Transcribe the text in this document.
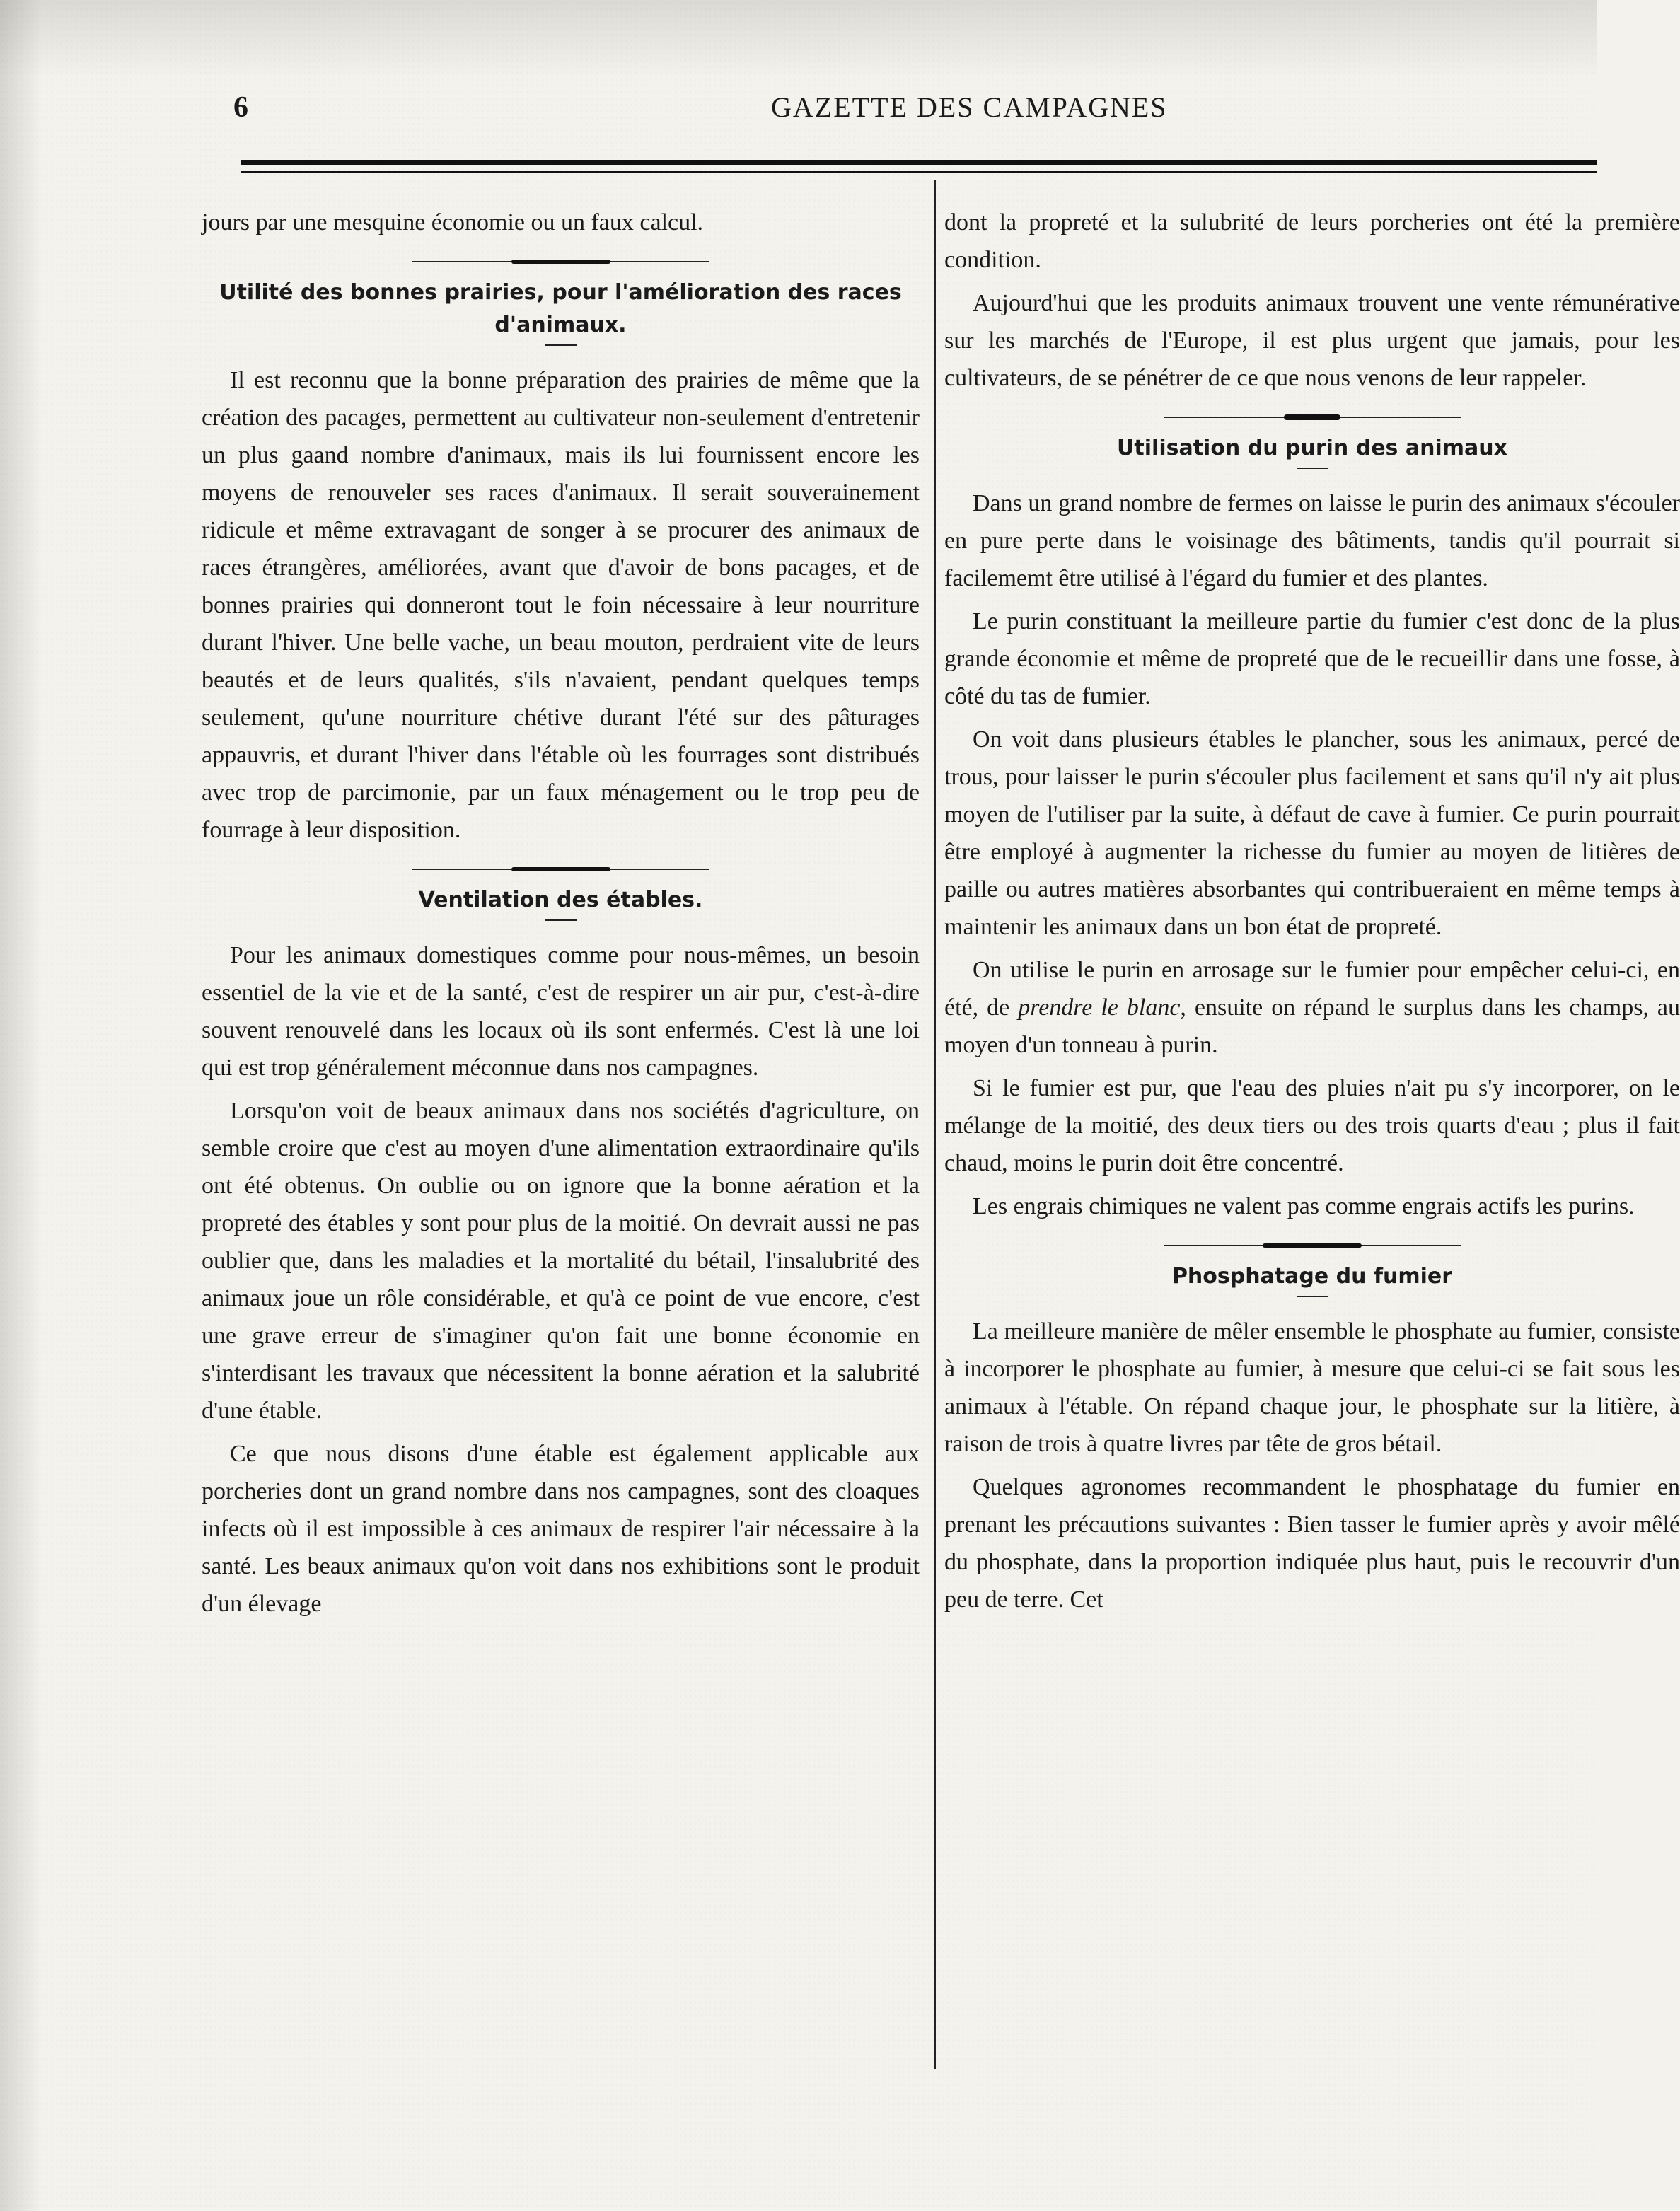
6	GAZETTE DES CAMPAGNES

jours par une mesquine économie ou un faux calcul.

Utilité des bonnes prairies, pour l'amélioration des races d'animaux.

Il est reconnu que la bonne préparation des prairies de même que la création des pacages, permettent au cultivateur non-seulement d'entretenir un plus gaand nombre d'animaux, mais ils lui fournissent encore les moyens de renouveler ses races d'animaux. Il serait souverainement ridicule et même extravagant de songer à se procurer des animaux de races étrangères, améliorées, avant que d'avoir de bons pacages, et de bonnes prairies qui donneront tout le foin nécessaire à leur nourriture durant l'hiver. Une belle vache, un beau mouton, perdraient vite de leurs beautés et de leurs qualités, s'ils n'avaient, pendant quelques temps seulement, qu'une nourriture chétive durant l'été sur des pâturages appauvris, et durant l'hiver dans l'étable où les fourrages sont distribués avec trop de parcimonie, par un faux ménagement ou le trop peu de fourrage à leur disposition.

Ventilation des étables.

Pour les animaux domestiques comme pour nous-mêmes, un besoin essentiel de la vie et de la santé, c'est de respirer un air pur, c'est-à-dire souvent renouvelé dans les locaux où ils sont enfermés. C'est là une loi qui est trop généralement méconnue dans nos campagnes.

Lorsqu'on voit de beaux animaux dans nos sociétés d'agriculture, on semble croire que c'est au moyen d'une alimentation extraordinaire qu'ils ont été obtenus. On oublie ou on ignore que la bonne aération et la propreté des étables y sont pour plus de la moitié. On devrait aussi ne pas oublier que, dans les maladies et la mortalité du bétail, l'insalubrité des animaux joue un rôle considérable, et qu'à ce point de vue encore, c'est une grave erreur de s'imaginer qu'on fait une bonne économie en s'interdisant les travaux que nécessitent la bonne aération et la salubrité d'une étable.

Ce que nous disons d'une étable est également applicable aux porcheries dont un grand nombre dans nos campagnes, sont des cloaques infects où il est impossible à ces animaux de respirer l'air nécessaire à la santé. Les beaux animaux qu'on voit dans nos exhibitions sont le produit d'un élevage

dont la propreté et la sulubrité de leurs porcheries ont été la première condition.

Aujourd'hui que les produits animaux trouvent une vente rémunérative sur les marchés de l'Europe, il est plus urgent que jamais, pour les cultivateurs, de se pénétrer de ce que nous venons de leur rappeler.

Utilisation du purin des animaux

Dans un grand nombre de fermes on laisse le purin des animaux s'écouler en pure perte dans le voisinage des bâtiments, tandis qu'il pourrait si facilememt être utilisé à l'égard du fumier et des plantes.

Le purin constituant la meilleure partie du fumier c'est donc de la plus grande économie et même de propreté que de le recueillir dans une fosse, à côté du tas de fumier.

On voit dans plusieurs étables le plancher, sous les animaux, percé de trous, pour laisser le purin s'écouler plus facilement et sans qu'il n'y ait plus moyen de l'utiliser par la suite, à défaut de cave à fumier. Ce purin pourrait être employé à augmenter la richesse du fumier au moyen de litières de paille ou autres matières absorbantes qui contribueraient en même temps à maintenir les animaux dans un bon état de propreté.

On utilise le purin en arrosage sur le fumier pour empêcher celui-ci, en été, de prendre le blanc, ensuite on répand le surplus dans les champs, au moyen d'un tonneau à purin.

Si le fumier est pur, que l'eau des pluies n'ait pu s'y incorporer, on le mélange de la moitié, des deux tiers ou des trois quarts d'eau ; plus il fait chaud, moins le purin doit être concentré.

Les engrais chimiques ne valent pas comme engrais actifs les purins.

Phosphatage du fumier

La meilleure manière de mêler ensemble le phosphate au fumier, consiste à incorporer le phosphate au fumier, à mesure que celui-ci se fait sous les animaux à l'étable. On répand chaque jour, le phosphate sur la litière, à raison de trois à quatre livres par tête de gros bétail.

Quelques agronomes recommandent le phosphatage du fumier en prenant les précautions suivantes : Bien tasser le fumier après y avoir mêlé du phosphate, dans la proportion indiquée plus haut, puis le recouvrir d'un peu de terre. Cet
